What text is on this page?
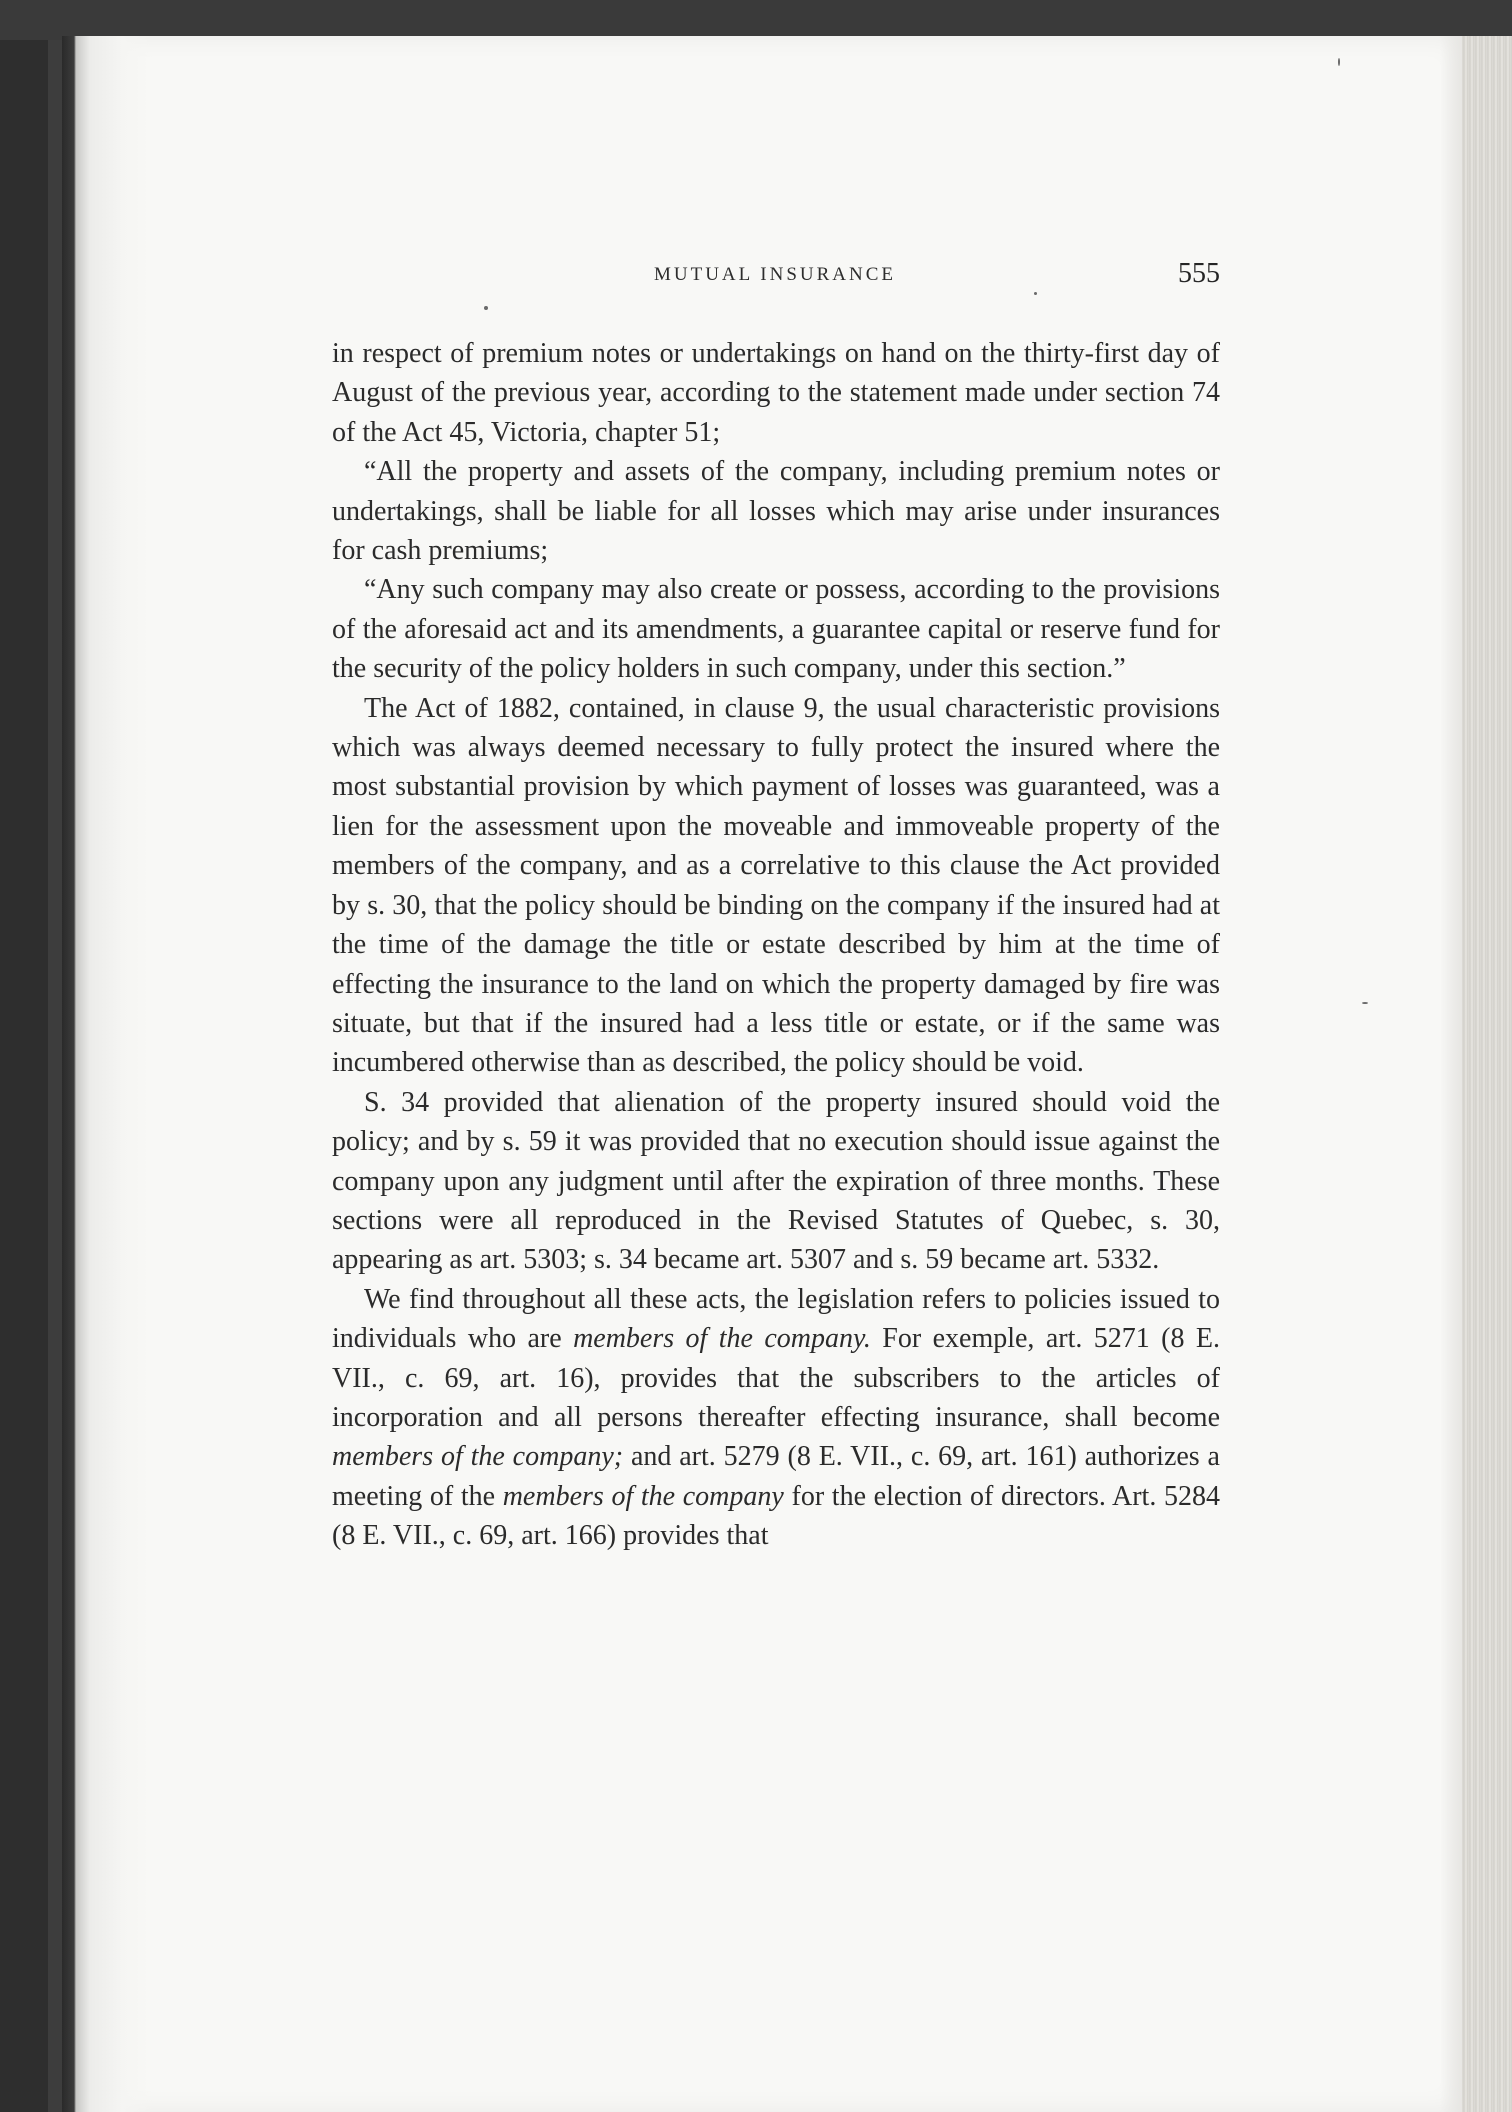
MUTUAL INSURANCE	555

in respect of premium notes or undertakings on hand on the thirty-first day of August of the previous year, according to the statement made under section 74 of the Act 45, Victoria, chapter 51;

“All the property and assets of the company, including premium notes or undertakings, shall be liable for all losses which may arise under insurances for cash premiums;

“Any such company may also create or possess, according to the provisions of the aforesaid act and its amendments, a guarantee capital or reserve fund for the security of the policy holders in such company, under this section.”

The Act of 1882, contained, in clause 9, the usual characteristic provisions which was always deemed necessary to fully protect the insured where the most substantial provision by which payment of losses was guaranteed, was a lien for the assessment upon the moveable and immoveable property of the members of the company, and as a correlative to this clause the Act provided by s. 30, that the policy should be binding on the company if the insured had at the time of the damage the title or estate described by him at the time of effecting the insurance to the land on which the property damaged by fire was situate, but that if the insured had a less title or estate, or if the same was incumbered otherwise than as described, the policy should be void.

S. 34 provided that alienation of the property insured should void the policy; and by s. 59 it was provided that no execution should issue against the company upon any judgment until after the expiration of three months. These sections were all reproduced in the Revised Statutes of Quebec, s. 30, appearing as art. 5303; s. 34 became art. 5307 and s. 59 became art. 5332.

We find throughout all these acts, the legislation refers to policies issued to individuals who are members of the company. For exemple, art. 5271 (8 E. VII., c. 69, art. 16), provides that the subscribers to the articles of incorporation and all persons thereafter effecting insurance, shall become members of the company; and art. 5279 (8 E. VII., c. 69, art. 161) authorizes a meeting of the members of the company for the election of directors. Art. 5284 (8 E. VII., c. 69, art. 166) provides that
